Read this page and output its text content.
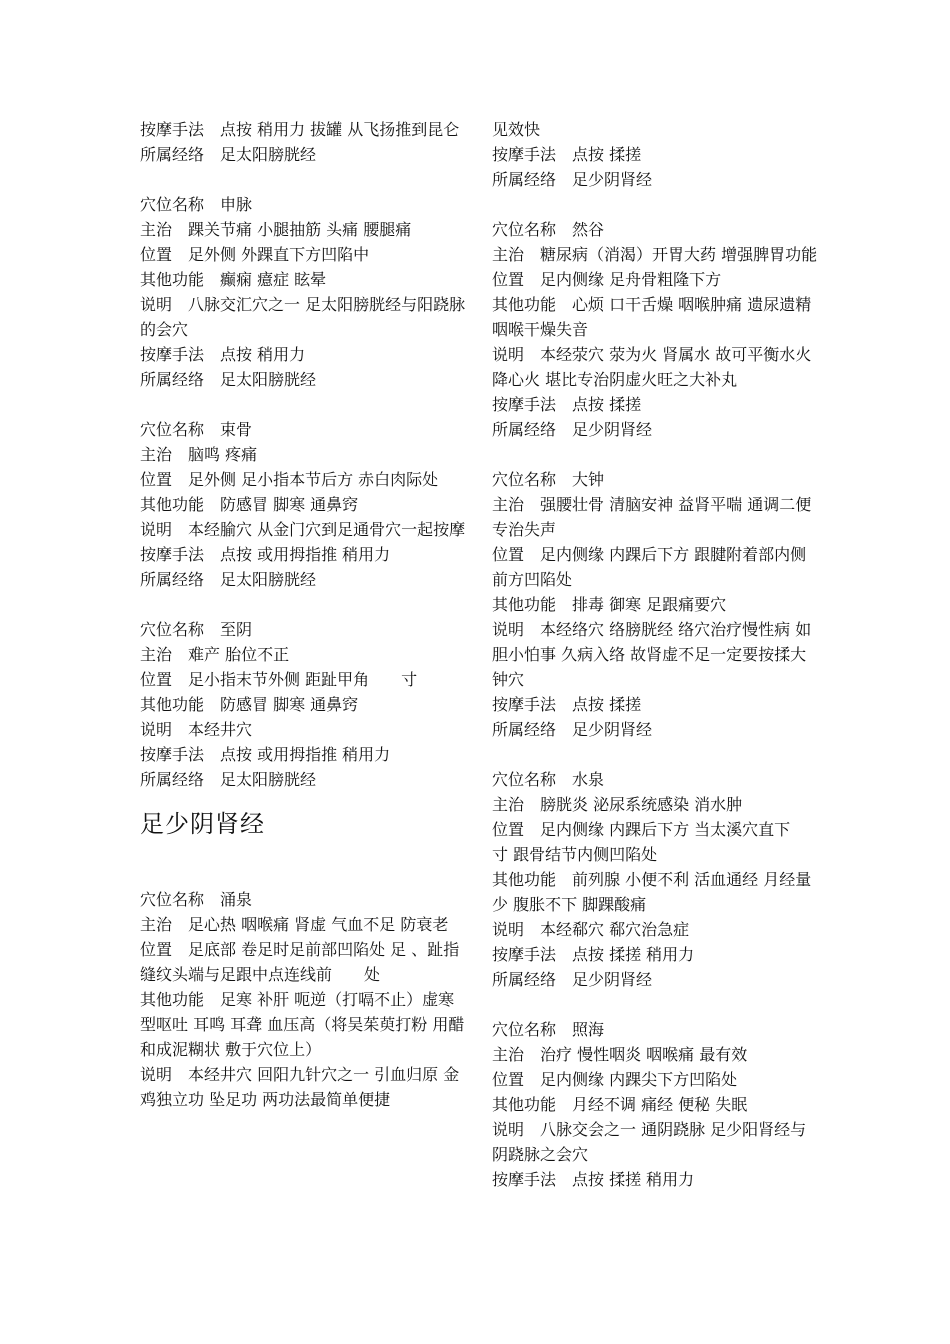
按摩手法　点按 稍用力 拔罐 从飞扬推到昆仑
所属经络　足太阳膀胱经
穴位名称　申脉
主治　踝关节痛 小腿抽筋 头痛 腰腿痛
位置　足外侧 外踝直下方凹陷中
其他功能　癫痫 癔症 眩晕
说明　八脉交汇穴之一 足太阳膀胱经与阳跷脉的会穴
按摩手法　点按 稍用力
所属经络　足太阳膀胱经
穴位名称　束骨
主治　脑鸣 疼痛
位置　足外侧 足小指本节后方 赤白肉际处
其他功能　防感冒 脚寒 通鼻窍
说明　本经腧穴 从金门穴到足通骨穴一起按摩
按摩手法　点按 或用拇指推 稍用力
所属经络　足太阳膀胱经
穴位名称　至阴
主治　难产 胎位不正
位置　足小指末节外侧 距趾甲角　　寸
其他功能　防感冒 脚寒 通鼻窍
说明　本经井穴
按摩手法　点按 或用拇指推 稍用力
所属经络　足太阳膀胱经
足少阴肾经
穴位名称　涌泉
主治　足心热 咽喉痛 肾虚 气血不足 防衰老
位置　足底部 卷足时足前部凹陷处 足 、趾指缝纹头端与足跟中点连线前　　处
其他功能　足寒 补肝 呃逆（打嗝不止）虚寒型呕吐 耳鸣 耳聋 血压高（将吴茱萸打粉 用醋和成泥糊状 敷于穴位上）
说明　本经井穴 回阳九针穴之一 引血归原 金鸡独立功 坠足功 两功法最简单便捷
见效快
按摩手法　点按 揉搓
所属经络　足少阴肾经
穴位名称　然谷
主治　糖尿病（消渴）开胃大药 增强脾胃功能
位置　足内侧缘 足舟骨粗隆下方
其他功能　心烦 口干舌燥 咽喉肿痛 遗尿遗精 咽喉干燥失音
说明　本经荥穴 荥为火 肾属水 故可平衡水火 降心火 堪比专治阴虚火旺之大补丸
按摩手法　点按 揉搓
所属经络　足少阴肾经
穴位名称　大钟
主治　强腰壮骨 清脑安神 益肾平喘 通调二便 专治失声
位置　足内侧缘 内踝后下方 跟腱附着部内侧前方凹陷处
其他功能　排毒 御寒 足跟痛要穴
说明　本经络穴 络膀胱经 络穴治疗慢性病 如胆小怕事 久病入络 故肾虚不足一定要按揉大钟穴
按摩手法　点按 揉搓
所属经络　足少阴肾经
穴位名称　水泉
主治　膀胱炎 泌尿系统感染 消水肿
位置　足内侧缘 内踝后下方 当太溪穴直下　寸 跟骨结节内侧凹陷处
其他功能　前列腺 小便不利 活血通经 月经量少 腹胀不下 脚踝酸痛
说明　本经郗穴 郗穴治急症
按摩手法　点按 揉搓 稍用力
所属经络　足少阴肾经
穴位名称　照海
主治　治疗 慢性咽炎 咽喉痛 最有效
位置　足内侧缘 内踝尖下方凹陷处
其他功能　月经不调 痛经 便秘 失眠
说明　八脉交会之一 通阴跷脉 足少阳肾经与阴跷脉之会穴
按摩手法　点按 揉搓 稍用力
